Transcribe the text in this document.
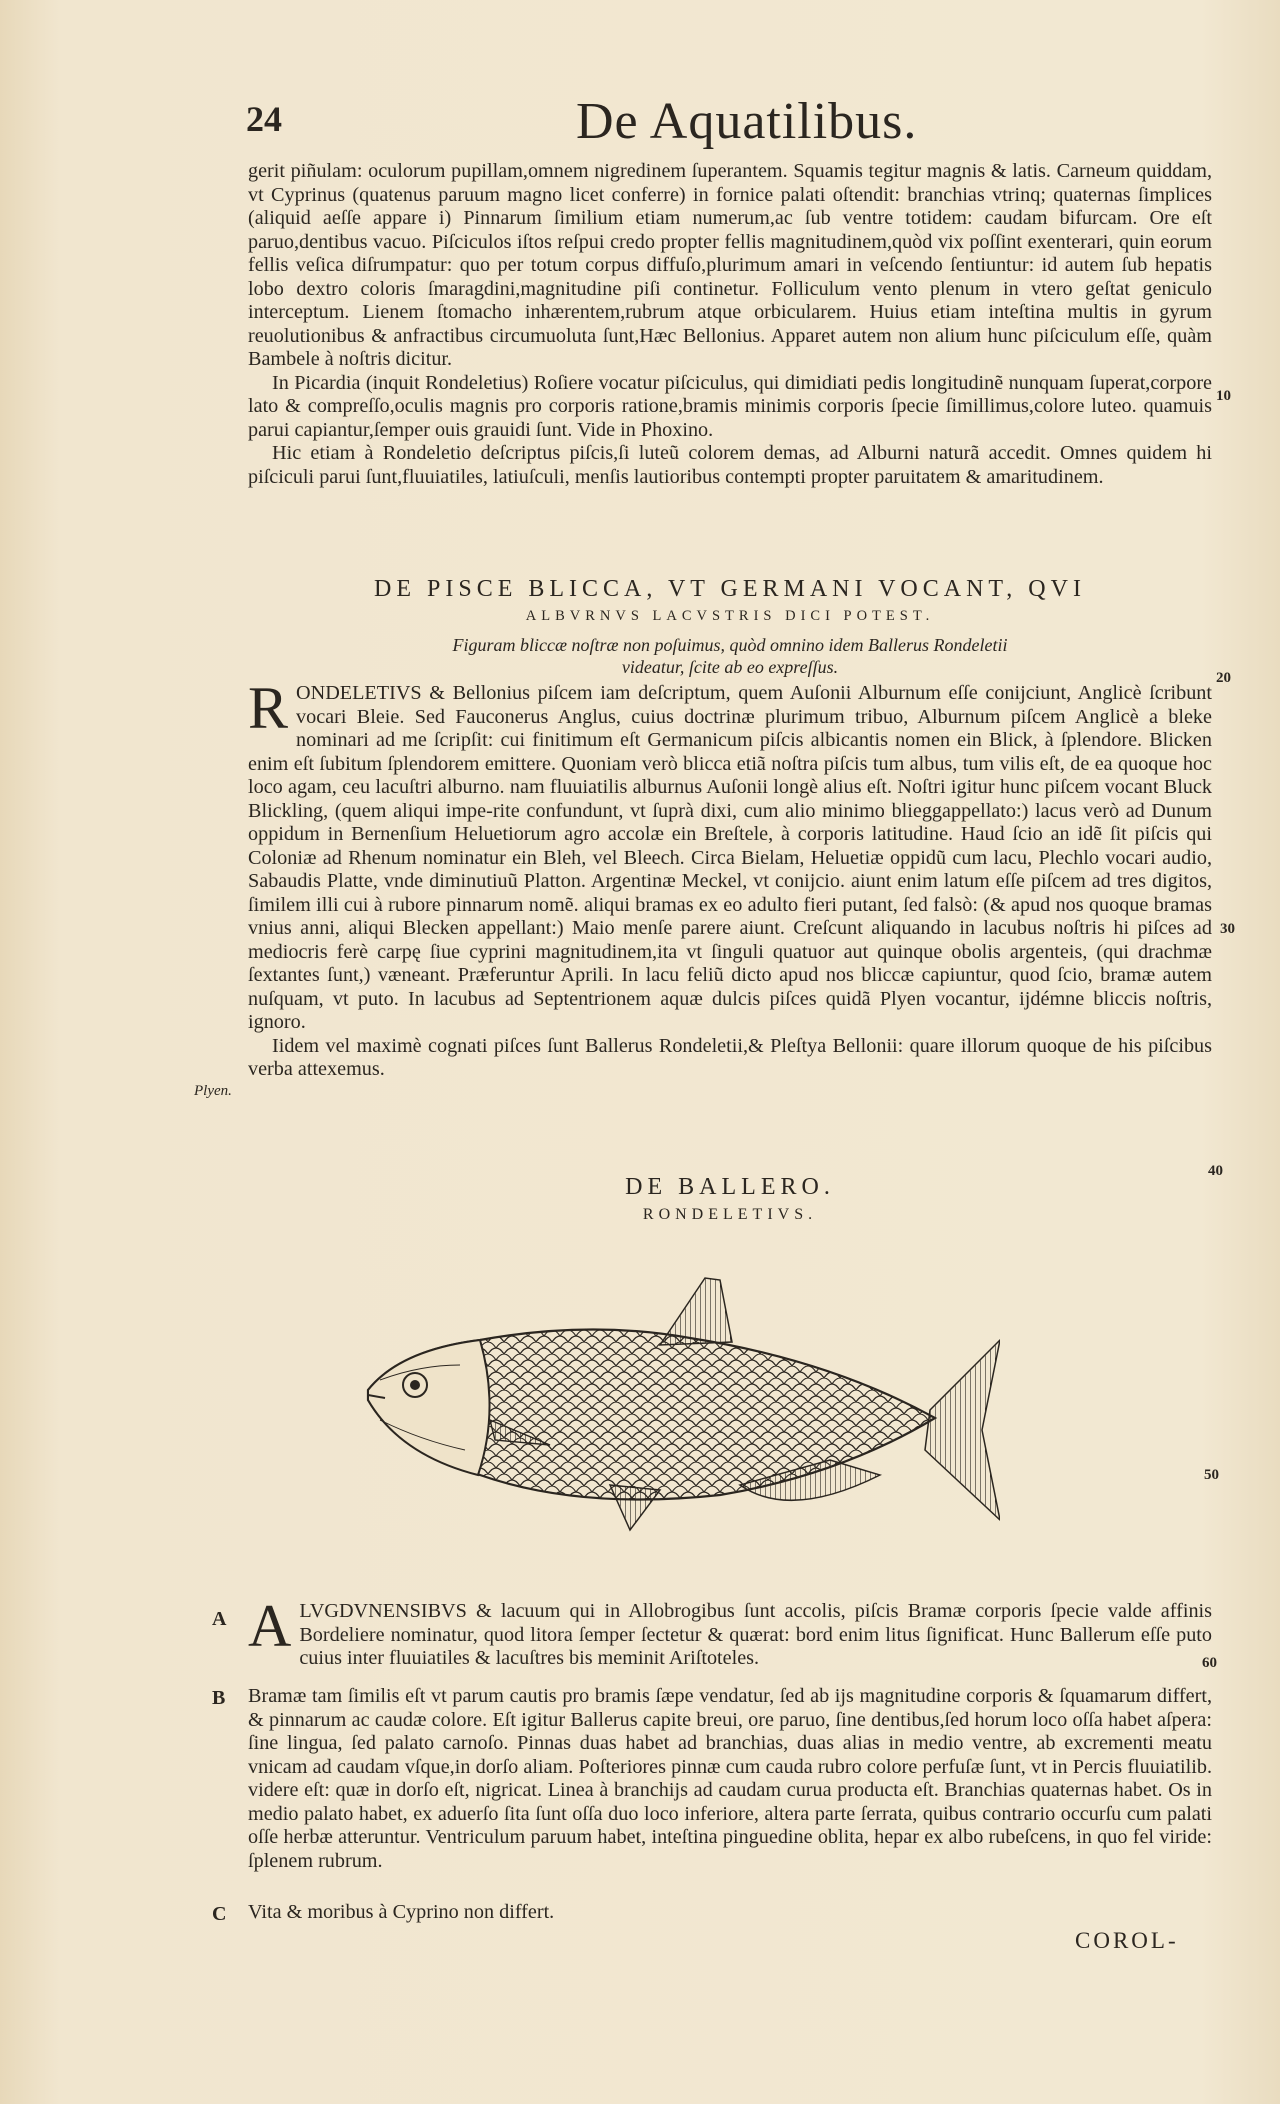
24	De Aquatilibus.

gerit piñulam: oculorum pupillam,omnem nigredinem ſuperantem. Squamis tegitur magnis & latis. Carneum quiddam, vt Cyprinus (quatenus paruum magno licet conferre) in fornice palati oſtendit: branchias vtrinq; quaternas ſimplices (aliquid aeſſe appare i) Pinnarum ſimilium etiam numerum,ac ſub ventre totidem: caudam bifurcam. Ore eſt paruo,dentibus vacuo. Piſciculos iſtos reſpui credo propter fellis magnitudinem,quòd vix poſſint exenterari, quin eorum fellis veſica diſrumpatur: quo per totum corpus diffuſo,plurimum amari in veſcendo ſentiuntur: id autem ſub hepatis lobo dextro coloris ſmaragdini,magnitudine piſi continetur. Folliculum vento plenum in vtero geſtat geniculo interceptum. Lienem ſtomacho inhærentem,rubrum atque orbicularem. Huius etiam inteſtina multis in gyrum reuolutionibus & anfractibus circumuoluta ſunt,Hæc Bellonius. Apparet autem non alium hunc piſciculum eſſe, quàm Bambele à noſtris dicitur.

In Picardia (inquit Rondeletius) Roſiere vocatur piſciculus, qui dimidiati pedis longitudinẽ nunquam ſuperat,corpore lato & compreſſo,oculis magnis pro corporis ratione,bramis minimis corporis ſpecie ſimillimus,colore luteo. quamuis parui capiantur,ſemper ouis grauidi ſunt. Vide in Phoxino.

Hic etiam à Rondeletio deſcriptus piſcis,ſi luteũ colorem demas, ad Alburni naturã accedit. Omnes quidem hi piſciculi parui ſunt,fluuiatiles, latiuſculi, menſis lautioribus contempti propter paruitatem & amaritudinem.

DE PISCE BLICCA, VT GERMANI VOCANT, QVI
ALBVRNVS LACVSTRIS DICI POTEST.
Figuram bliccæ noſtræ non poſuimus, quòd omnino idem Ballerus Rondeletii
videatur, ſcite ab eo expreſſus.

R ONDELETIVS & Bellonius piſcem iam deſcriptum, quem Auſonii Alburnum eſſe conijciunt, Anglicè ſcribunt vocari Bleie. Sed Fauconerus Anglus, cuius doctrinæ plurimum tribuo, Alburnum piſcem Anglicè a bleke nominari ad me ſcripſit: cui finitimum eſt Germanicum piſcis albicantis nomen ein Blick, à ſplendore. Blicken enim eſt ſubitum ſplendorem emittere. Quoniam verò blicca etiã noſtra piſcis tum albus, tum vilis eſt, de ea quoque hoc loco agam, ceu lacuſtri alburno. nam fluuiatilis alburnus Auſonii longè alius eſt. Noſtri igitur hunc piſcem vocant Bluck Blickling, (quem aliqui impe-rite confundunt, vt ſuprà dixi, cum alio minimo blieggappellato:) lacus verò ad Dunum oppidum in Bernenſium Heluetiorum agro accolæ ein Breſtele, à corporis latitudine. Haud ſcio an idẽ ſit piſcis qui Coloniæ ad Rhenum nominatur ein Bleh, vel Bleech. Circa Bielam, Heluetiæ oppidũ cum lacu, Plechlo vocari audio, Sabaudis Platte, vnde diminutiuũ Platton. Argentinæ Meckel, vt conijcio. aiunt enim latum eſſe piſcem ad tres digitos, ſimilem illi cui à rubore pinnarum nomẽ. aliqui bramas ex eo adulto fieri putant, ſed falsò: (& apud nos quoque bramas vnius anni, aliqui Blecken appellant:) Maio menſe parere aiunt. Creſcunt aliquando in lacubus noſtris hi piſces ad mediocris ferè carpę ſiue cyprini magnitudinem,ita vt ſinguli quatuor aut quinque obolis argenteis, (qui drachmæ ſextantes ſunt,) væneant. Præferuntur Aprili. In lacu feliũ dicto apud nos bliccæ capiuntur, quod ſcio, bramæ autem nuſquam, vt puto. In lacubus ad Septentrionem aquæ dulcis piſces quidã Plyen vocantur, ijdémne bliccis noſtris, ignoro.

Iidem vel maximè cognati piſces ſunt Ballerus Rondeletii,& Pleſtya Bellonii: quare illorum quoque de his piſcibus verba attexemus.

Plyen.
DE BALLERO.
RONDELETIVS.
A A LVGDVNENSIBVS & lacuum qui in Allobrogibus ſunt accolis, piſcis Bramæ corporis ſpecie valde affinis Bordeliere nominatur, quod litora ſemper ſectetur & quærat: bord enim litus ſignificat. Hunc Ballerum eſſe puto cuius inter fluuiatiles & lacuſtres bis meminit Ariſtoteles.

B Bramæ tam ſimilis eſt vt parum cautis pro bramis ſæpe vendatur, ſed ab ijs magnitudine corporis & ſquamarum differt, & pinnarum ac caudæ colore. Eſt igitur Ballerus capite breui, ore paruo, ſine dentibus,ſed horum loco oſſa habet aſpera: ſine lingua, ſed palato carnoſo. Pinnas duas habet ad branchias, duas alias in medio ventre, ab excrementi meatu vnicam ad caudam vſque,in dorſo aliam. Poſteriores pinnæ cum cauda rubro colore perfuſæ ſunt, vt in Percis fluuiatilib. videre eſt: quæ in dorſo eſt, nigricat. Linea à branchijs ad caudam curua producta eſt. Branchias quaternas habet. Os in medio palato habet, ex aduerſo ſita ſunt oſſa duo loco inferiore, altera parte ſerrata, quibus contrario occurſu cum palati oſſe herbæ atteruntur. Ventriculum paruum habet, inteſtina pinguedine oblita, hepar ex albo rubeſcens, in quo fel viride: ſplenem rubrum.

C Vita & moribus à Cyprino non differt.

10
20
30
40
50
60
COROL-
